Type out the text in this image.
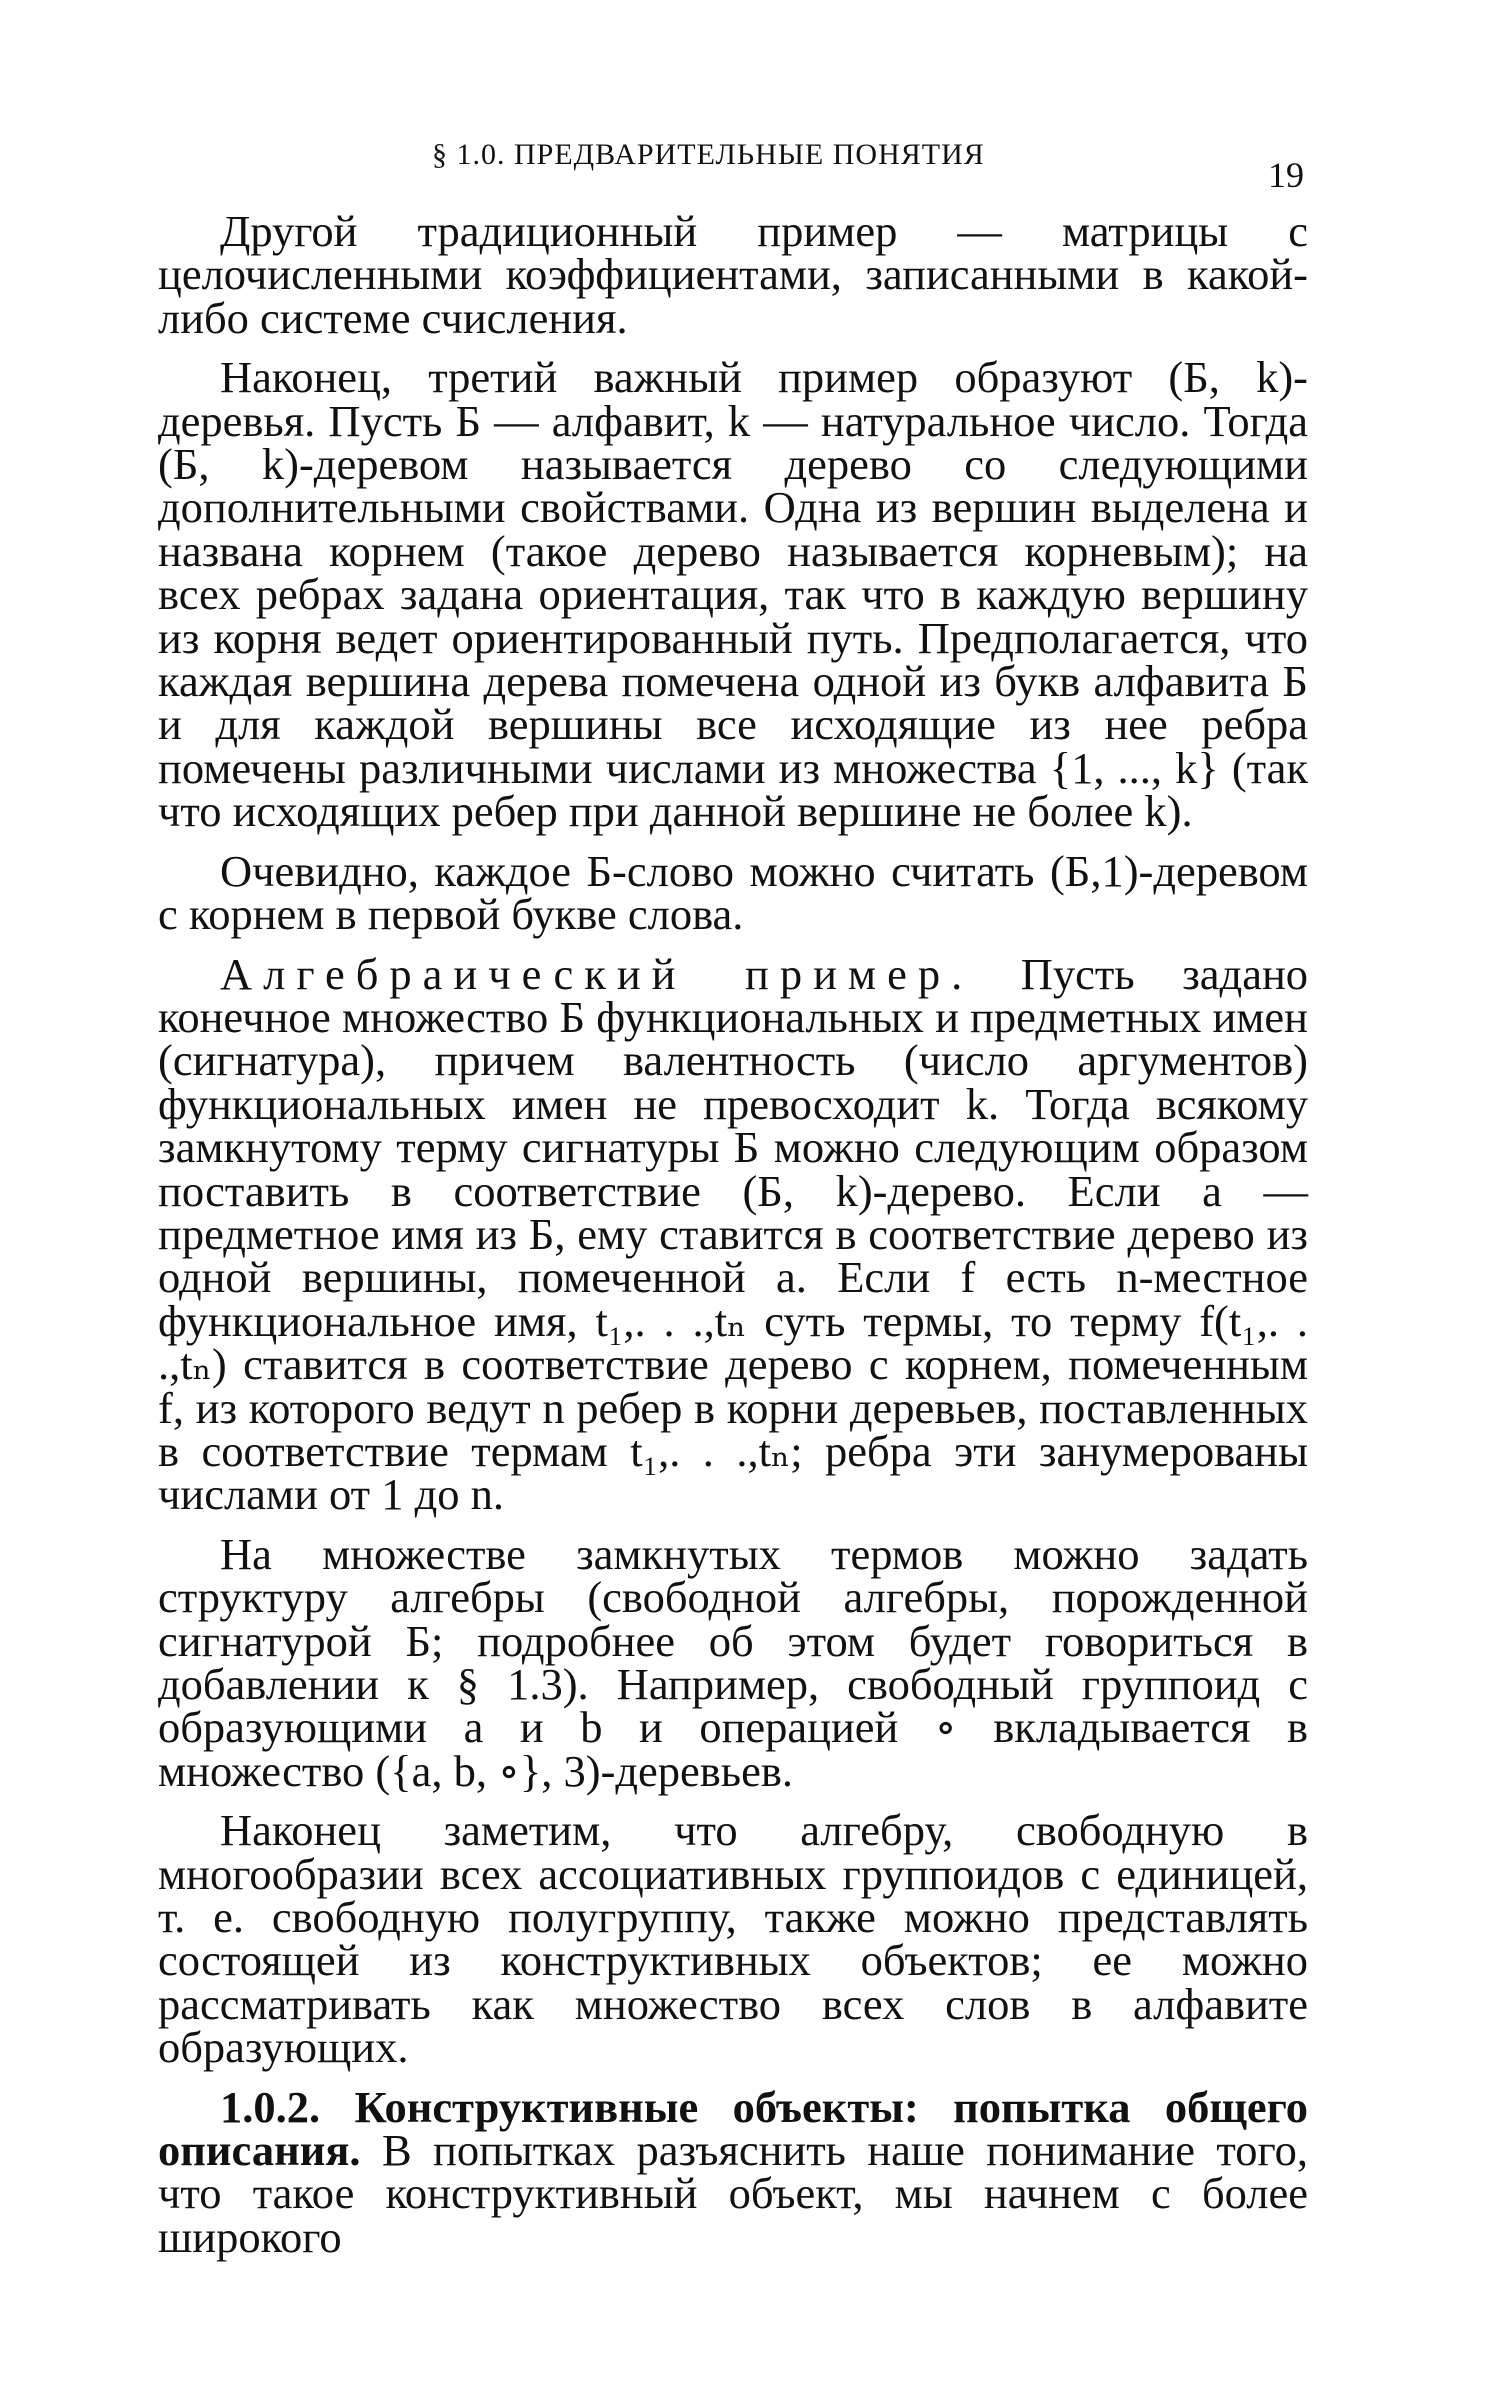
§ 1.0. ПРЕДВАРИТЕЛЬНЫЕ ПОНЯТИЯ
19

Другой традиционный пример — матрицы с целочисленными коэффициентами, записанными в какой-либо системе счисления.

Наконец, третий важный пример образуют (Б, k)-деревья. Пусть Б — алфавит, k — натуральное число. Тогда (Б, k)-деревом называется дерево со следующими дополнительными свойствами. Одна из вершин выделена и названа корнем (такое дерево называется корневым); на всех ребрах задана ориентация, так что в каждую вершину из корня ведет ориентированный путь. Предполагается, что каждая вершина дерева помечена одной из букв алфавита Б и для каждой вершины все исходящие из нее ребра помечены различными числами из множества {1, ..., k} (так что исходящих ребер при данной вершине не более k).

Очевидно, каждое Б-слово можно считать (Б,1)-деревом с корнем в первой букве слова.

Алгебраический пример. Пусть задано конечное множество Б функциональных и предметных имен (сигнатура), причем валентность (число аргументов) функциональных имен не превосходит k. Тогда всякому замкнутому терму сигнатуры Б можно следующим образом поставить в соответствие (Б, k)-дерево. Если a — предметное имя из Б, ему ставится в соответствие дерево из одной вершины, помеченной a. Если f есть n-местное функциональное имя, t₁,. . .,tₙ суть термы, то терму f(t₁,. . .,tₙ) ставится в соответствие дерево с корнем, помеченным f, из которого ведут n ребер в корни деревьев, поставленных в соответствие термам t₁,. . .,tₙ; ребра эти занумерованы числами от 1 до n.

На множестве замкнутых термов можно задать структуру алгебры (свободной алгебры, порожденной сигнатурой Б; подробнее об этом будет говориться в добавлении к § 1.3). Например, свободный группоид с образующими a и b и операцией ∘ вкладывается в множество ({a, b, ∘}, 3)-деревьев.

Наконец заметим, что алгебру, свободную в многообразии всех ассоциативных группоидов с единицей, т. е. свободную полугруппу, также можно представлять состоящей из конструктивных объектов; ее можно рассматривать как множество всех слов в алфавите образующих.

1.0.2. Конструктивные объекты: попытка общего описания. В попытках разъяснить наше понимание того, что такое конструктивный объект, мы начнем с более широкого
